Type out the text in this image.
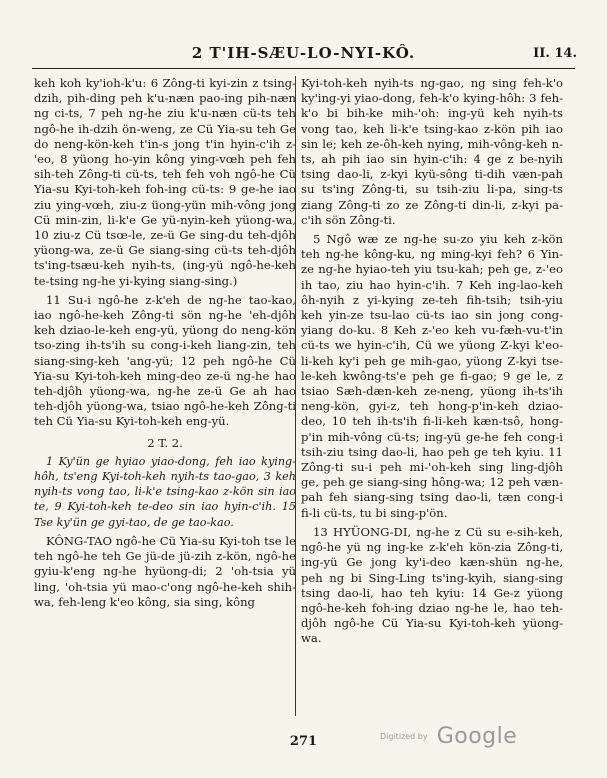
2 T'IH-SÆU-LO-NYI-KÔ.	II. 14.

keh koh ky'ioh-k'u: 6 Zông-ti kyi-zin z tsing-dzih, pih-ding peh k'u-næn pao-ing pih-næn ng ci-ts, 7 peh ng-he ziu k'u-næn cü-ts teh ngô-he ih-dzih ön-weng, ze Cü Yia-su teh Ge do neng-kön-keh t'in-s jong t'in hyin-c'ih z-'eo, 8 yüong ho-yin kông ying-vœh peh feh sih-teh Zông-ti cü-ts, teh feh voh ngô-he Cü Yia-su Kyi-toh-keh foh-ing cü-ts: 9 ge-he iao ziu ying-vœh, ziu-z üong-yün mih-vông jong Cü min-zin, li-k'e Ge yü-nyin-keh yüong-wa, 10 ziu-z Cü tsœ-le, ze-ü Ge sing-du teh-djôh yüong-wa, ze-ü Ge siang-sing cü-ts teh-djôh ts'ing-tsæu-keh nyih-ts, (ing-yü ngô-he-keh te-tsing ng-he yi-kying siang-sing.)

11 Su-i ngô-he z-k'eh de ng-he tao-kao, iao ngô-he-keh Zông-ti sön ng-he 'eh-djôh keh dziao-le-keh eng-yü, yüong do neng-kön tso-zing ih-ts'ih su cong-i-keh liang-zin, teh siang-sing-keh 'ang-yü; 12 peh ngô-he Cü Yia-su Kyi-toh-keh ming-deo ze-ü ng-he hao teh-djôh yüong-wa, ng-he ze-ü Ge ah hao teh-djôh yüong-wa, tsiao ngô-he-keh Zông-ti teh Cü Yia-su Kyi-toh-keh eng-yü.

2 T. 2.

1 Ky'ün ge hyiao yiao-dong, feh iao kying-hôh, ts'eng Kyi-toh-keh nyih-ts tao-gao, 3 keh nyih-ts vong tao, li-k'e tsing-kao z-kön sin iao te, 9 Kyi-toh-keh te-deo sin iao hyin-c'ih. 15 Tse ky'ün ge gyi-tao, de ge tao-kao.

KÔNG-TAO ngô-he Cü Yia-su Kyi-toh tse le teh ngô-he teh Ge jü-de jü-zih z-kön, ngô-he gyiu-k'eng ng-he hyüong-di; 2 'oh-tsia yü ling, 'oh-tsia yü mao-c'ong ngô-he-keh shih-wa, feh-leng k'eo kông, sia sing, kông

Kyi-toh-keh nyih-ts ng-gao, ng sing feh-k'o ky'ing-yi yiao-dong, feh-k'o kying-hôh: 3 feh-k'o bi bih-ke mih-'oh: ing-yü keh nyih-ts vong tao, keh li-k'e tsing-kao z-kön pih iao sin le; keh ze-ôh-keh nying, mih-vông-keh n-ts, ah pih iao sin hyin-c'ih: 4 ge z be-nyih tsing dao-li, z-kyi kyü-sông ti-dih væn-pah su ts'ing Zông-ti, su tsih-ziu li-pa, sing-ts ziang Zông-ti zo ze Zông-ti din-li, z-kyi pa-c'ih sön Zông-ti.

5 Ngô wæ ze ng-he su-zo yiu keh z-kön teh ng-he kông-ku, ng ming-kyi feh? 6 Yin-ze ng-he hyiao-teh yiu tsu-kah; peh ge, z-'eo ih tao, ziu hao hyin-c'ih. 7 Keh ing-lao-keh ôh-nyih z yi-kying ze-teh fih-tsih; tsih-yiu keh yin-ze tsu-lao cü-ts iao sin jong cong-yiang do-ku. 8 Keh z-'eo keh vu-fæh-vu-t'in cü-ts we hyin-c'ih, Cü we yüong Z-kyi k'eo-li-keh ky'i peh ge mih-gao, yüong Z-kyi tse-le-keh kwông-ts'e peh ge fi-gao; 9 ge le, z tsiao Sæh-dæn-keh ze-neng, yüong ih-ts'ih neng-kön, gyi-z, teh hong-p'in-keh dziao-deo, 10 teh ih-ts'ih fi-li-keh kæn-tsô, hong-p'in mih-vông cü-ts; ing-yü ge-he feh cong-i tsih-ziu tsing dao-li, hao peh ge teh kyiu. 11 Zông-ti su-i peh mi-'oh-keh sing ling-djôh ge, peh ge siang-sing hông-wa; 12 peh væn-pah feh siang-sing tsing dao-li, tæn cong-i fi-li cü-ts, tu bi sing-p'ön.

13 HYÜONG-DI, ng-he z Cü su e-sih-keh, ngô-he yü ng ing-ke z-k'eh kön-zia Zông-ti, ing-yü Ge jong ky'i-deo kæn-shün ng-he, peh ng bi Sing-Ling ts'ing-kyih, siang-sing tsing dao-li, hao teh kyiu: 14 Ge-z yüong ngô-he-keh foh-ing dziao ng-he le, hao teh-djôh ngô-he Cü Yia-su Kyi-toh-keh yüong-wa.

271	Digitized by Google
